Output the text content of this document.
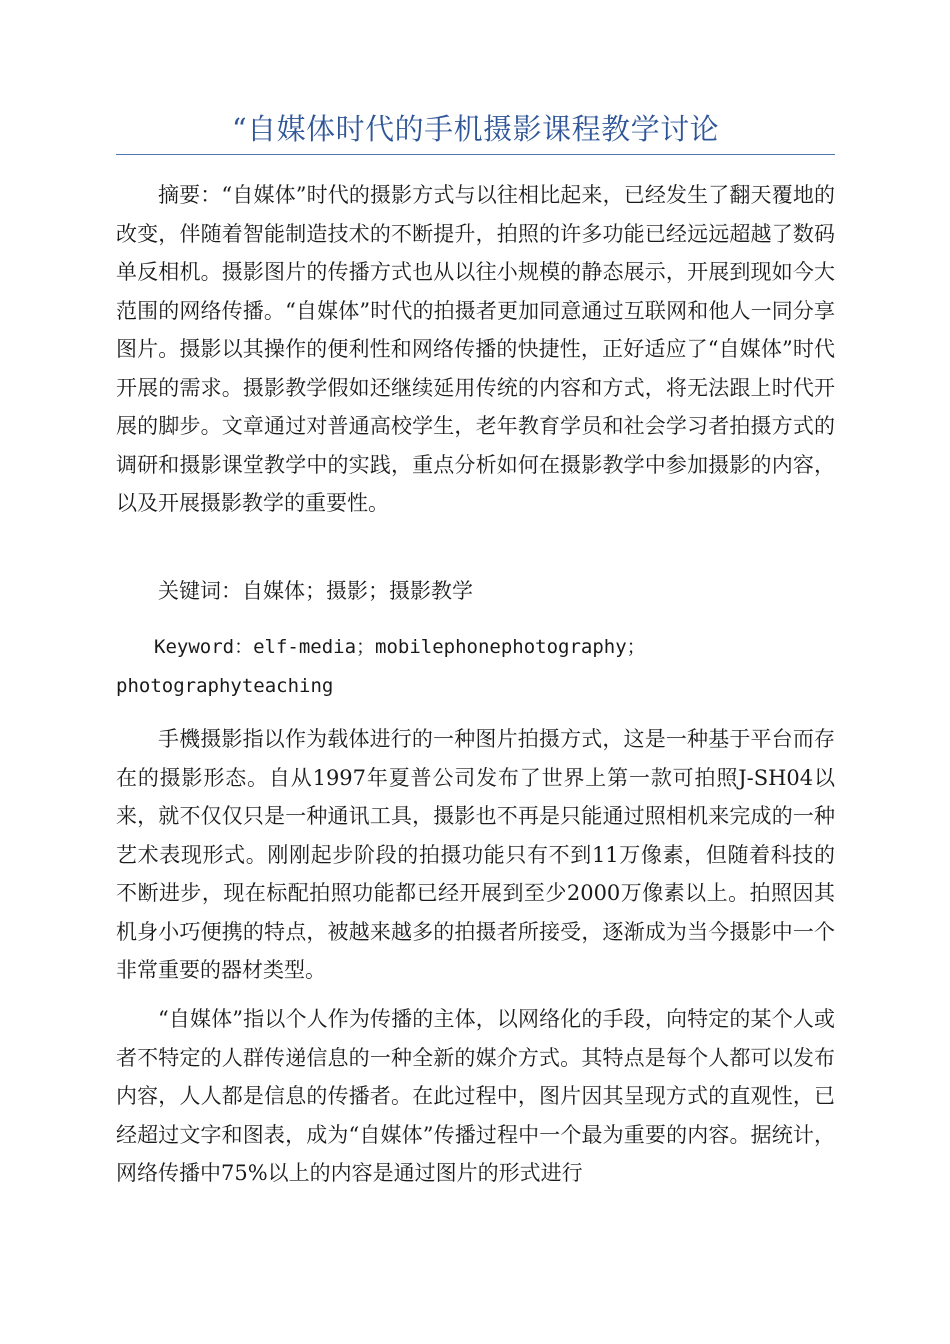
“自媒体时代的手机摄影课程教学讨论

摘要：“自媒体”时代的摄影方式与以往相比起来，已经发生了翻天覆地的改变，伴随着智能制造技术的不断提升，拍照的许多功能已经远远超越了数码单反相机。摄影图片的传播方式也从以往小规模的静态展示，开展到现如今大范围的网络传播。“自媒体”时代的拍摄者更加同意通过互联网和他人一同分享图片。摄影以其操作的便利性和网络传播的快捷性，正好适应了“自媒体”时代开展的需求。摄影教学假如还继续延用传统的内容和方式，将无法跟上时代开展的脚步。文章通过对普通高校学生，老年教育学员和社会学习者拍摄方式的调研和摄影课堂教学中的实践，重点分析如何在摄影教学中参加摄影的内容，以及开展摄影教学的重要性。

关键词：自媒体；摄影；摄影教学

Keyword：elf-media；mobilephonephotography；photographyteaching

手機摄影指以作为载体进行的一种图片拍摄方式，这是一种基于平台而存在的摄影形态。自从1997年夏普公司发布了世界上第一款可拍照J-SH04以来，就不仅仅只是一种通讯工具，摄影也不再是只能通过照相机来完成的一种艺术表现形式。刚刚起步阶段的拍摄功能只有不到11万像素，但随着科技的不断进步，现在标配拍照功能都已经开展到至少2000万像素以上。拍照因其机身小巧便携的特点，被越来越多的拍摄者所接受，逐渐成为当今摄影中一个非常重要的器材类型。

“自媒体”指以个人作为传播的主体，以网络化的手段，向特定的某个人或者不特定的人群传递信息的一种全新的媒介方式。其特点是每个人都可以发布内容，人人都是信息的传播者。在此过程中，图片因其呈现方式的直观性，已经超过文字和图表，成为“自媒体”传播过程中一个最为重要的内容。据统计，网络传播中75%以上的内容是通过图片的形式进行
